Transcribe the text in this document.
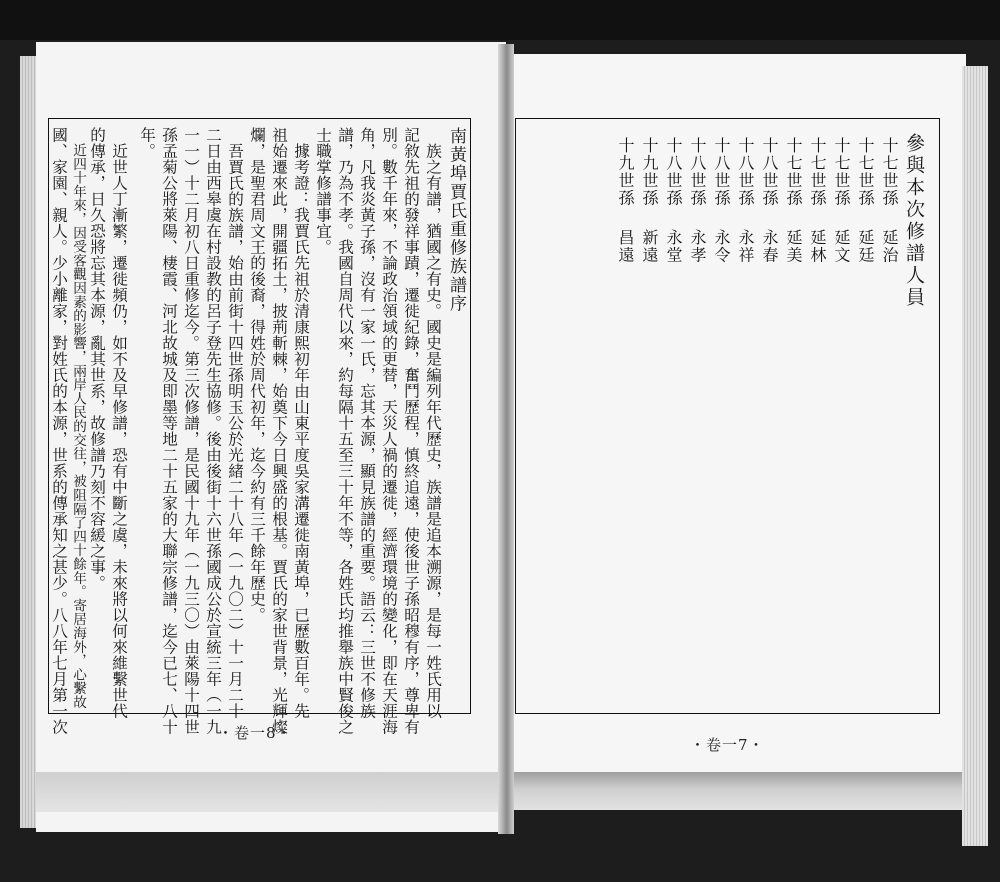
南黃埠賈氏重修族譜序
族之有譜，猶國之有史。國史是編列年代歷史，族譜是追本溯源，是每一姓氏用以
記敘先祖的發祥事蹟，遷徙紀錄，奮鬥歷程，慎終追遠，使後世子孫昭穆有序，尊卑有
別。數千年來，不論政治領域的更替，天災人禍的遷徙，經濟環境的變化，即在天涯海
角，凡我炎黃子孫，沒有一家一氏，忘其本源，顯見族譜的重要。語云：三世不修族
譜，乃為不孝。我國自周代以來，約每隔十五至三十年不等，各姓氏均推舉族中賢俊之
士職掌修譜事宜。
據考證：我賈氏先祖於清康熙初年由山東平度吳家溝遷徙南黃埠，已歷數百年。先
祖始遷來此，開疆拓土，披荊斬棘，始奠下今日興盛的根基。賈氏的家世背景，光輝燦
爛，是聖君周文王的後裔，得姓於周代初年，迄今約有三千餘年歷史。
吾賈氏的族譜，始由前街十四世孫明玉公於光緒二十八年（一九〇二）十一月二十
二日由西皋虞在村設教的呂子登先生協修。後由後街十六世孫國成公於宣統三年（一九
一一）十二月初八日重修迄今。第三次修譜，是民國十九年（一九三〇）由萊陽十四世
孫孟菊公將萊陽、棲霞、河北故城及即墨等地二十五家的大聯宗修譜，迄今已七、八十
年。
近世人丁漸繁，遷徙頻仍，如不及早修譜，恐有中斷之虞，未來將以何來維繫世代
的傳承，日久恐將忘其本源，亂其世系，故修譜乃刻不容緩之事。
近四十年來，因受客觀因素的影響，兩岸人民的交往，被阻隔了四十餘年。寄居海外，心繫故
國、家園、親人。少小離家，對姓氏的本源，世系的傳承知之甚少。八八年七月第一次	・卷一8・
參與本次修譜人員
十七世孫
延治
十七世孫
延廷
十七世孫
延文
十七世孫
延林
十七世孫
延美
十八世孫
永春
十八世孫
永祥
十八世孫
永令
十八世孫
永孝
十八世孫
永堂
十九世孫
新遠
十九世孫
昌遠
・卷一7・
